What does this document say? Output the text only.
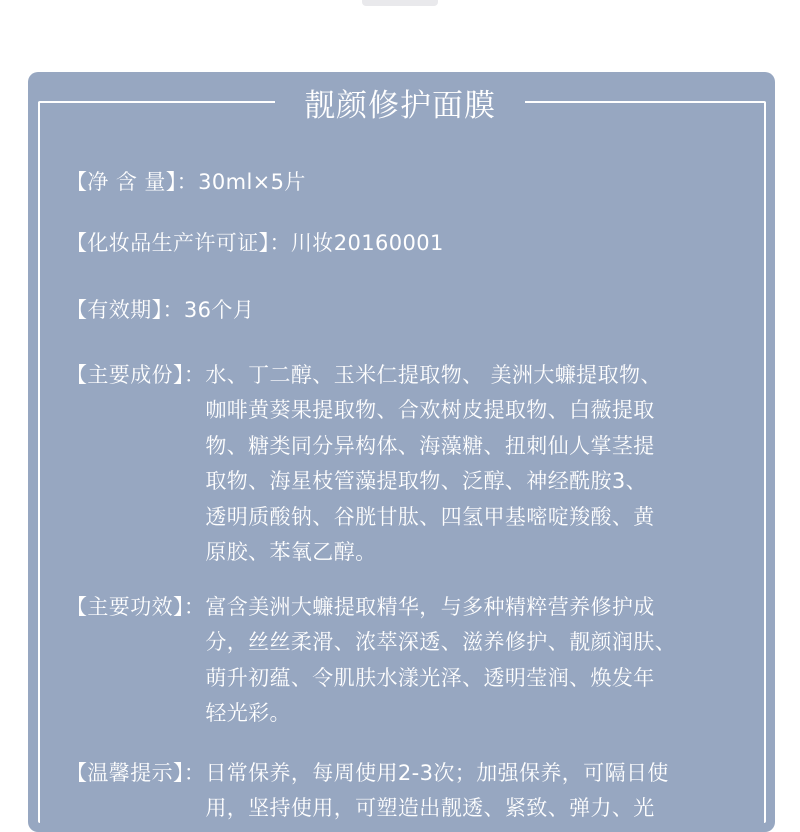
靓颜修护面膜
【净 含 量】： 30ml×5片
【化妆品生产许可证】： 川妆20160001
【有效期】： 36个月
【主要成份】： 水、丁二醇、玉米仁提取物、 美洲大蠊提取物、
咖啡黄葵果提取物、合欢树皮提取物、白薇提取
物、糖类同分异构体、海藻糖、扭刺仙人掌茎提
取物、海星枝管藻提取物、泛醇、神经酰胺3、
透明质酸钠、谷胱甘肽、四氢甲基嘧啶羧酸、黄
原胶、苯氧乙醇。
【主要功效】： 富含美洲大蠊提取精华，与多种精粹营养修护成
分，丝丝柔滑、浓萃深透、滋养修护、靓颜润肤、
萌升初蕴、令肌肤水漾光泽、透明莹润、焕发年
轻光彩。
【温馨提示】： 日常保养，每周使用2-3次；加强保养，可隔日使
用，坚持使用，可塑造出靓透、紧致、弹力、光
